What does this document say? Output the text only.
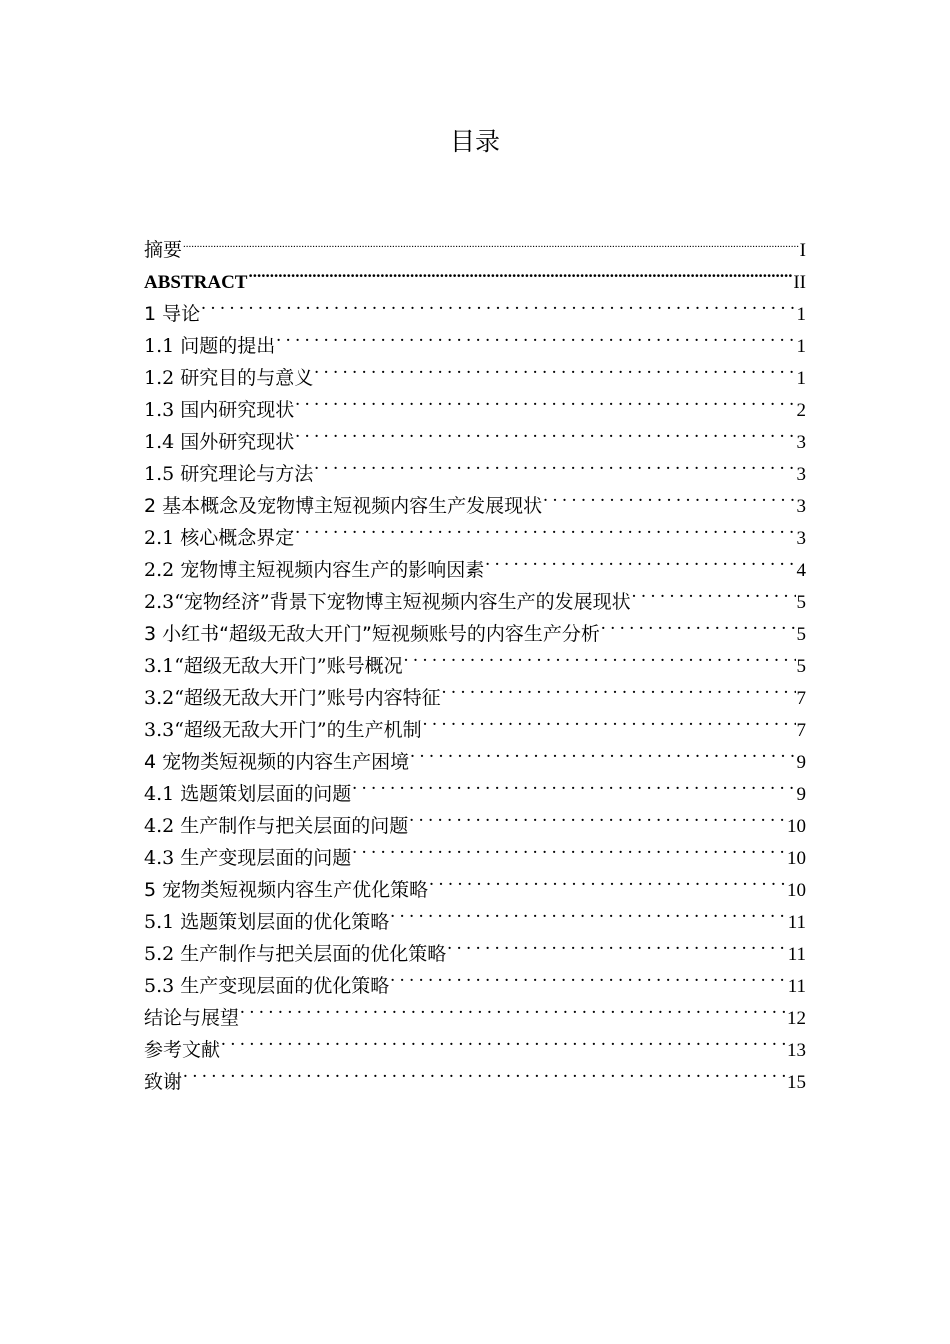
目录
摘要 .....	I
ABSTRACT .....	II
1 导论 . . .	1
1.1 问题的提出 . . .	1
1.2 研究目的与意义 . . .	1
1.3 国内研究现状 . . .	2
1.4 国外研究现状 . . .	3
1.5 研究理论与方法 . . .	3
2 基本概念及宠物博主短视频内容生产发展现状 . . .	3
2.1 核心概念界定 . . .	3
2.2 宠物博主短视频内容生产的影响因素 . . .	4
2.3“宠物经济”背景下宠物博主短视频内容生产的发展现状 . . .	5
3 小红书“超级无敌大开门”短视频账号的内容生产分析 . . .	5
3.1“超级无敌大开门”账号概况 . . .	5
3.2“超级无敌大开门”账号内容特征 . . .	7
3.3“超级无敌大开门”的生产机制 . . .	7
4 宠物类短视频的内容生产困境 . . .	9
4.1 选题策划层面的问题 . . .	9
4.2 生产制作与把关层面的问题 . . .	10
4.3 生产变现层面的问题 . . .	10
5 宠物类短视频内容生产优化策略 . . .	10
5.1 选题策划层面的优化策略 . . .	11
5.2 生产制作与把关层面的优化策略 . . .	11
5.3 生产变现层面的优化策略 . . .	11
结论与展望 . . .	12
参考文献 . . .	13
致谢 . . .	15
